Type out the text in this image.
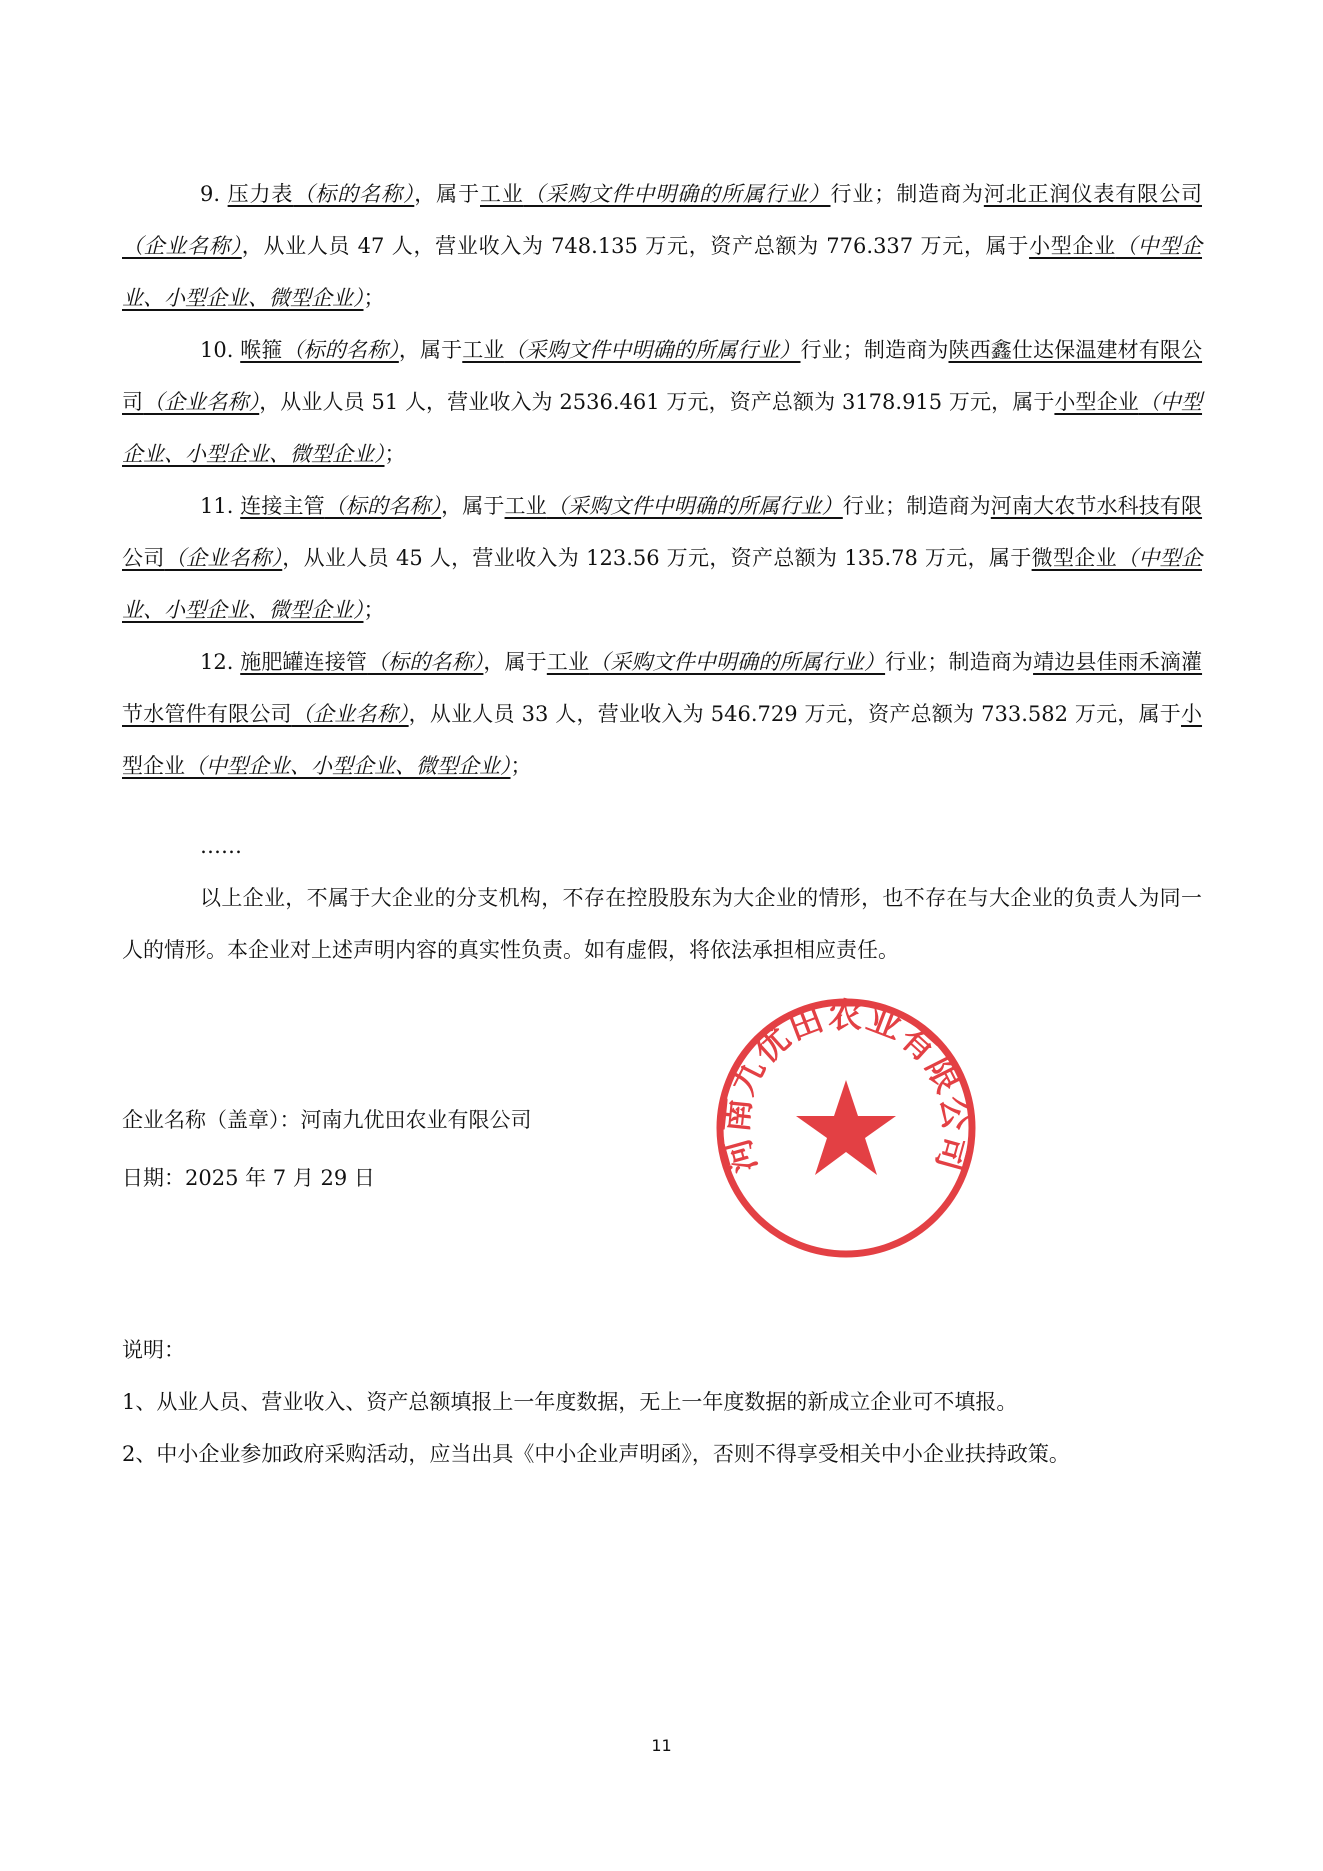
9. 压力表（标的名称），属于工业（采购文件中明确的所属行业）行业；制造商为河北正润仪表有限公司（企业名称），从业人员 47 人，营业收入为 748.135 万元，资产总额为 776.337 万元，属于小型企业（中型企业、小型企业、微型企业）；
10. 喉箍（标的名称），属于工业（采购文件中明确的所属行业）行业；制造商为陕西鑫仕达保温建材有限公司（企业名称），从业人员 51 人，营业收入为 2536.461 万元，资产总额为 3178.915 万元，属于小型企业（中型企业、小型企业、微型企业）；
11. 连接主管（标的名称），属于工业（采购文件中明确的所属行业）行业；制造商为河南大农节水科技有限公司（企业名称），从业人员 45 人，营业收入为 123.56 万元，资产总额为 135.78 万元，属于微型企业（中型企业、小型企业、微型企业）；
12. 施肥罐连接管（标的名称），属于工业（采购文件中明确的所属行业）行业；制造商为靖边县佳雨禾滴灌节水管件有限公司（企业名称），从业人员 33 人，营业收入为 546.729 万元，资产总额为 733.582 万元，属于小型企业（中型企业、小型企业、微型企业）；
……
以上企业，不属于大企业的分支机构，不存在控股股东为大企业的情形，也不存在与大企业的负责人为同一人的情形。本企业对上述声明内容的真实性负责。如有虚假，将依法承担相应责任。
企业名称（盖章）：河南九优田农业有限公司
日期：2025 年 7 月 29 日
河南九优田农业有限公司
说明：
1、从业人员、营业收入、资产总额填报上一年度数据，无上一年度数据的新成立企业可不填报。
2、中小企业参加政府采购活动，应当出具《中小企业声明函》，否则不得享受相关中小企业扶持政策。
11
